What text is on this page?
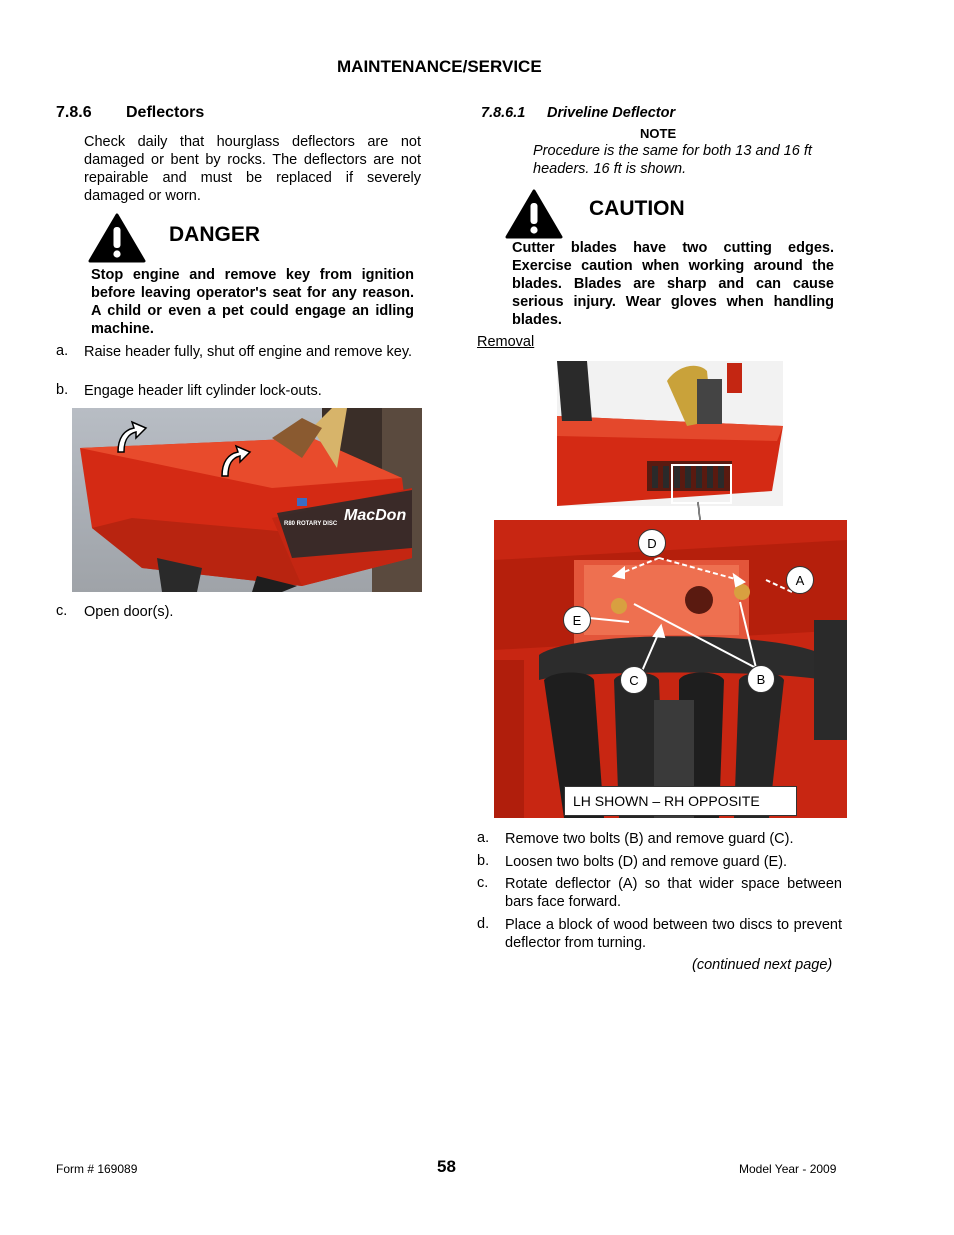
MAINTENANCE/SERVICE
7.8.6 Deflectors
Check daily that hourglass deflectors are not damaged or bent by rocks. The deflectors are not repairable and must be replaced if severely damaged or worn.
DANGER
Stop engine and remove key from ignition before leaving operator's seat for any reason. A child or even a pet could engage an idling machine.
a. Raise header fully, shut off engine and remove key.
b. Engage header lift cylinder lock-outs.
R80 ROTARY DISC MacDon
c. Open door(s).
7.8.6.1 Driveline Deflector
NOTE
Procedure is the same for both 13 and 16 ft headers. 16 ft is shown.
CAUTION
Cutter blades have two cutting edges. Exercise caution when working around the blades. Blades are sharp and can cause serious injury. Wear gloves when handling blades.
Removal
D
A
E
C	B
LH SHOWN – RH OPPOSITE
a. Remove two bolts (B) and remove guard (C).
b. Loosen two bolts (D) and remove guard (E).
c. Rotate deflector (A) so that wider space between bars face forward.
d. Place a block of wood between two discs to prevent deflector from turning.
(continued next page)
Form # 169089	58	Model Year - 2009
